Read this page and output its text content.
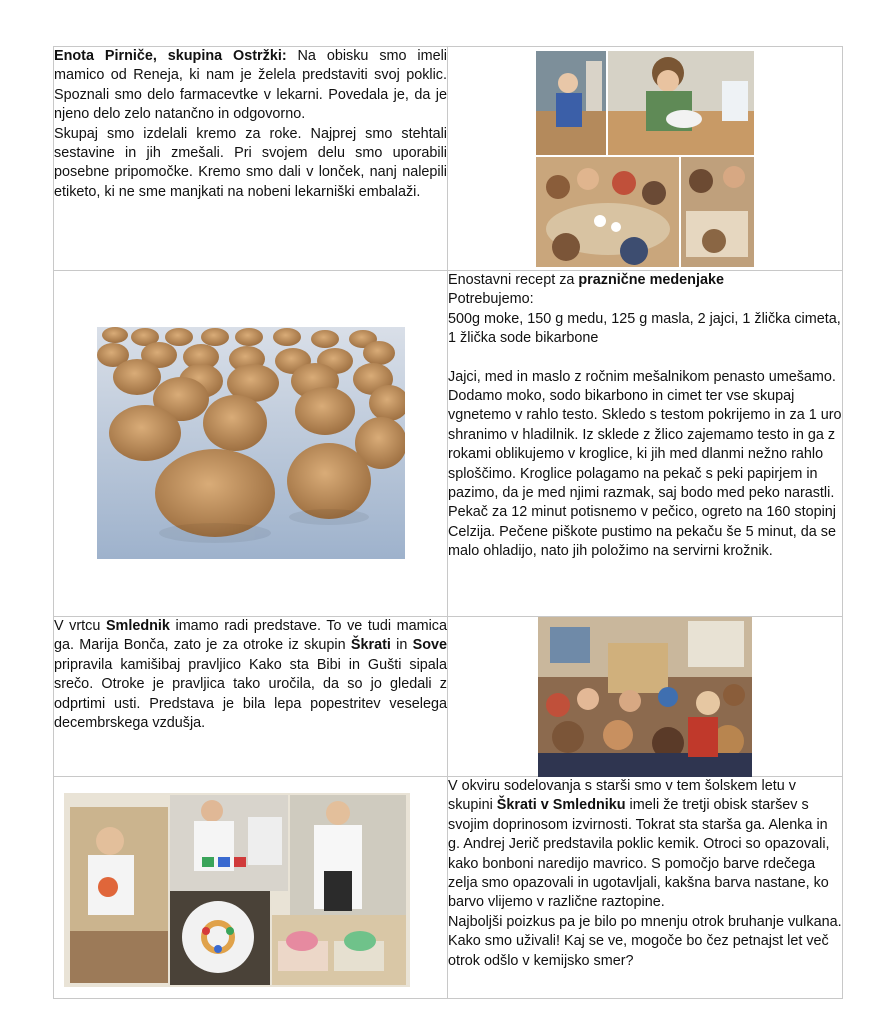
Enota Pirniče, skupina Ostržki: Na obisku smo imeli mamico od Reneja, ki nam je želela predstaviti svoj poklic. Spoznali smo delo farmacevtke v lekarni. Povedala je, da je njeno delo zelo natančno in odgovorno.

Skupaj smo izdelali kremo za roke. Najprej smo stehtali sestavine in jih zmešali. Pri svojem delu smo uporabili posebne pripomočke. Kremo smo dali v lonček, nanj nalepili etiketo, ki ne sme manjkati na nobeni lekarniški embalaži.

Enostavni recept za praznične medenjake

Potrebujemo:

500g moke, 150 g medu, 125 g masla, 2 jajci, 1 žlička cimeta, 1 žlička sode bikarbone

Jajci, med in maslo z ročnim mešalnikom penasto umešamo. Dodamo moko, sodo bikarbono in cimet ter vse skupaj vgnetemo v rahlo testo. Skledo s testom pokrijemo in za 1 uro shranimo v hladilnik. Iz sklede z žlico zajemamo testo in ga z rokami oblikujemo v kroglice, ki jih med dlanmi nežno rahlo sploščimo. Kroglice polagamo na pekač s peki papirjem in pazimo, da je med njimi razmak, saj bodo med peko narastli. Pekač za 12 minut potisnemo v pečico, ogreto na 160 stopinj Celzija. Pečene piškote pustimo na pekaču še 5 minut, da se malo ohladijo, nato jih položimo na servirni krožnik.

V vrtcu Smlednik imamo radi predstave. To ve tudi mamica ga. Marija Bonča, zato je za otroke iz skupin Škrati in Sove pripravila kamišibaj pravljico Kako sta Bibi in Gušti sipala srečo. Otroke je pravljica tako uročila, da so jo gledali z odprtimi usti. Predstava je bila lepa popestritev veselega decembrskega vzdušja.

V okviru sodelovanja s starši smo v tem šolskem letu v skupini Škrati v Smledniku imeli že tretji obisk staršev s svojim doprinosom izvirnosti. Tokrat sta starša ga. Alenka in g. Andrej Jerič predstavila poklic kemik. Otroci so opazovali, kako bonboni naredijo mavrico. S pomočjo barve rdečega zelja smo opazovali in ugotavljali, kakšna barva nastane, ko barvo vlijemo v različne raztopine.

Najboljši poizkus pa je bilo po mnenju otrok bruhanje vulkana.

Kako smo uživali! Kaj se ve, mogoče bo čez petnajst let več otrok odšlo v kemijsko smer?
